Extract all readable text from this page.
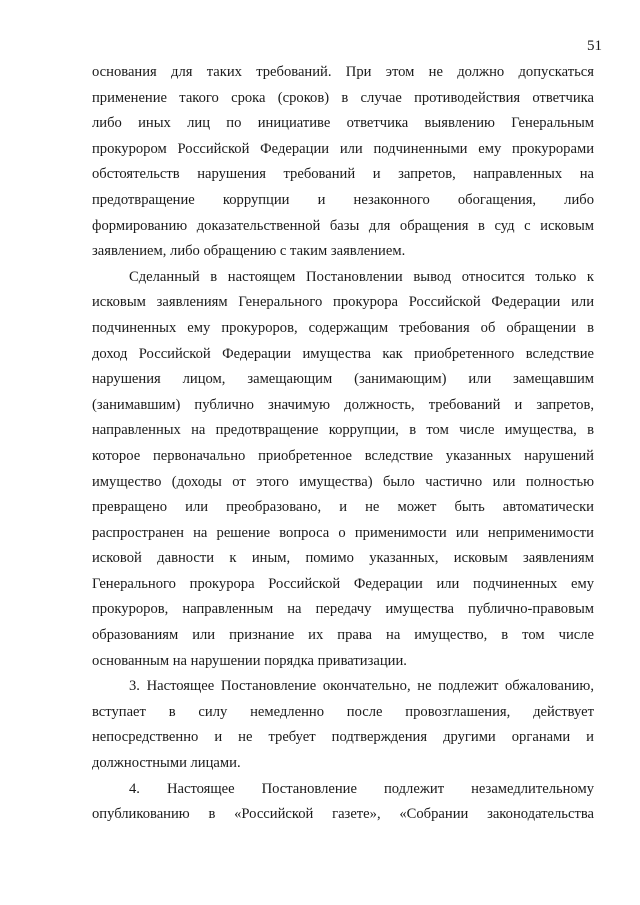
51
основания для таких требований. При этом не должно допускаться
применение такого срока (сроков) в случае противодействия ответчика
либо иных лиц по инициативе ответчика выявлению Генеральным
прокурором Российской Федерации или подчиненными ему прокурорами
обстоятельств нарушения требований и запретов, направленных на
предотвращение коррупции и незаконного обогащения, либо
формированию доказательственной базы для обращения в суд с исковым
заявлением, либо обращению с таким заявлением.
Сделанный в настоящем Постановлении вывод относится только к
исковым заявлениям Генерального прокурора Российской Федерации или
подчиненных ему прокуроров, содержащим требования об обращении в
доход Российской Федерации имущества как приобретенного вследствие
нарушения лицом, замещающим (занимающим) или замещавшим
(занимавшим) публично значимую должность, требований и запретов,
направленных на предотвращение коррупции, в том числе имущества, в
которое первоначально приобретенное вследствие указанных нарушений
имущество (доходы от этого имущества) было частично или полностью
превращено или преобразовано, и не может быть автоматически
распространен на решение вопроса о применимости или неприменимости
исковой давности к иным, помимо указанных, исковым заявлениям
Генерального прокурора Российской Федерации или подчиненных ему
прокуроров, направленным на передачу имущества публично-правовым
образованиям или признание их права на имущество, в том числе
основанным на нарушении порядка приватизации.
3. Настоящее Постановление окончательно, не подлежит обжалованию,
вступает в силу немедленно после провозглашения, действует
непосредственно и не требует подтверждения другими органами и
должностными лицами.
4. Настоящее Постановление подлежит незамедлительному
опубликованию в «Российской газете», «Собрании законодательства
